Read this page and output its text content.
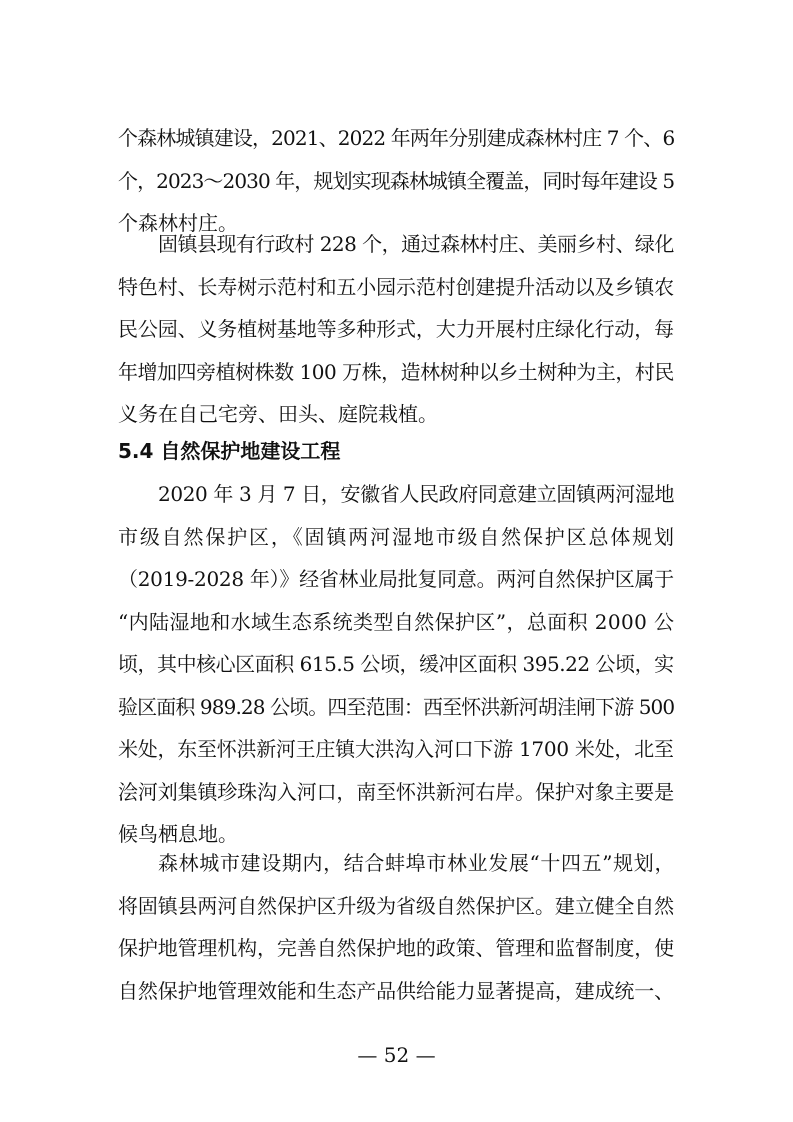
个森林城镇建设，2021、2022 年两年分别建成森林村庄 7 个、6
个，2023～2030 年，规划实现森林城镇全覆盖，同时每年建设 5
个森林村庄。
固镇县现有行政村 228 个，通过森林村庄、美丽乡村、绿化
特色村、长寿树示范村和五小园示范村创建提升活动以及乡镇农
民公园、义务植树基地等多种形式，大力开展村庄绿化行动，每
年增加四旁植树株数 100 万株，造林树种以乡土树种为主，村民
义务在自己宅旁、田头、庭院栽植。
5.4 自然保护地建设工程
2020 年 3 月 7 日，安徽省人民政府同意建立固镇两河湿地
市级自然保护区，《固镇两河湿地市级自然保护区总体规划
（2019-2028 年）》经省林业局批复同意。两河自然保护区属于
“内陆湿地和水域生态系统类型自然保护区”，总面积 2000 公
顷，其中核心区面积 615.5 公顷，缓冲区面积 395.22 公顷，实
验区面积 989.28 公顷。四至范围：西至怀洪新河胡洼闸下游 500
米处，东至怀洪新河王庄镇大洪沟入河口下游 1700 米处，北至
浍河刘集镇珍珠沟入河口，南至怀洪新河右岸。保护对象主要是
候鸟栖息地。
森林城市建设期内，结合蚌埠市林业发展“十四五”规划，
将固镇县两河自然保护区升级为省级自然保护区。建立健全自然
保护地管理机构，完善自然保护地的政策、管理和监督制度，使
自然保护地管理效能和生态产品供给能力显著提高，建成统一、
— 52 —
